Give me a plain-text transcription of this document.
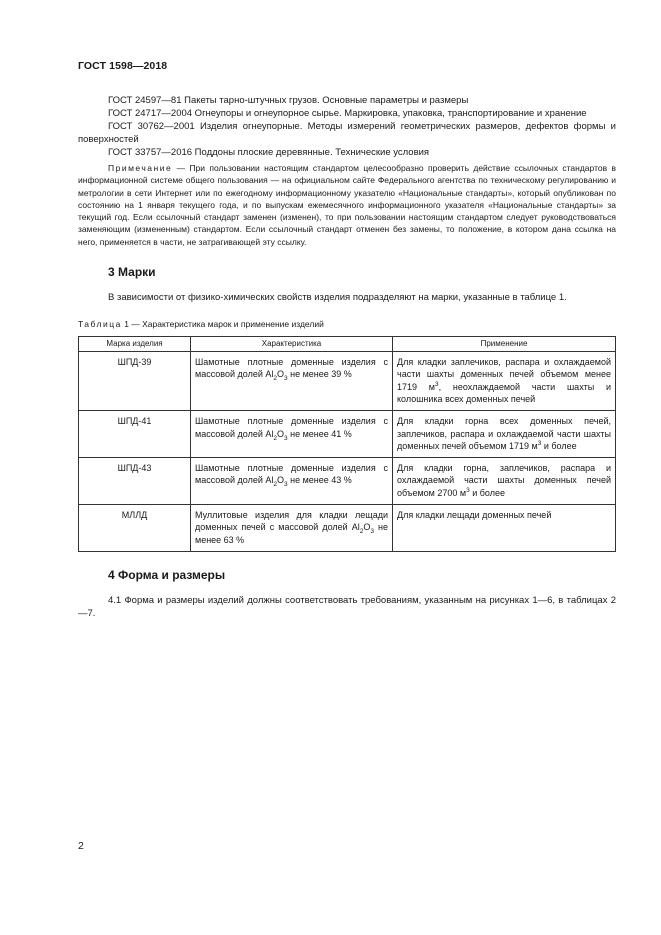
ГОСТ 1598—2018

ГОСТ 24597—81 Пакеты тарно-штучных грузов. Основные параметры и размеры

ГОСТ 24717—2004 Огнеупоры и огнеупорное сырье. Маркировка, упаковка, транспортирование и хранение

ГОСТ 30762—2001 Изделия огнеупорные. Методы измерений геометрических размеров, дефектов формы и поверхностей

ГОСТ 33757—2016 Поддоны плоские деревянные. Технические условия

Примечание — При пользовании настоящим стандартом целесообразно проверить действие ссылочных стандартов в информационной системе общего пользования — на официальном сайте Федерального агентства по техническому регулированию и метрологии в сети Интернет или по ежегодному информационному указателю «Национальные стандарты», который опубликован по состоянию на 1 января текущего года, и по выпускам ежемесячного информационного указателя «Национальные стандарты» за текущий год. Если ссылочный стандарт заменен (изменен), то при пользовании настоящим стандартом следует руководствоваться заменяющим (измененным) стандартом. Если ссылочный стандарт отменен без замены, то положение, в котором дана ссылка на него, применяется в части, не затрагивающей эту ссылку.

3 Марки

В зависимости от физико-химических свойств изделия подразделяют на марки, указанные в таблице 1.

Таблица 1 — Характеристика марок и применение изделий
Марка изделия	Характеристика	Применение
ШПД-39	Шамотные плотные доменные изделия с массовой долей $Al_2O_3$ не менее 39 %	Для кладки заплечиков, распара и охлаждаемой части шахты доменных печей объемом менее 1719 $м^3$, неохлаждаемой части шахты и колошника всех доменных печей
ШПД-41	Шамотные плотные доменные изделия с массовой долей $Al_2O_3$ не менее 41 %	Для кладки горна всех доменных печей, заплечиков, распара и охлаждаемой части шахты доменных печей объемом 1719 $м^3$ и более
ШПД-43	Шамотные плотные доменные изделия с массовой долей $Al_2O_3$ не менее 43 %	Для кладки горна, заплечиков, распара и охлаждаемой части шахты доменных печей объемом 2700 $м^3$ и более
МЛЛД	Муллитовые изделия для кладки лещади доменных печей с массовой долей $Al_2O_3$ не менее 63 %	Для кладки лещади доменных печей
4 Форма и размеры

4.1 Форма и размеры изделий должны соответствовать требованиям, указанным на рисунках 1—6, в таблицах 2—7.

2
